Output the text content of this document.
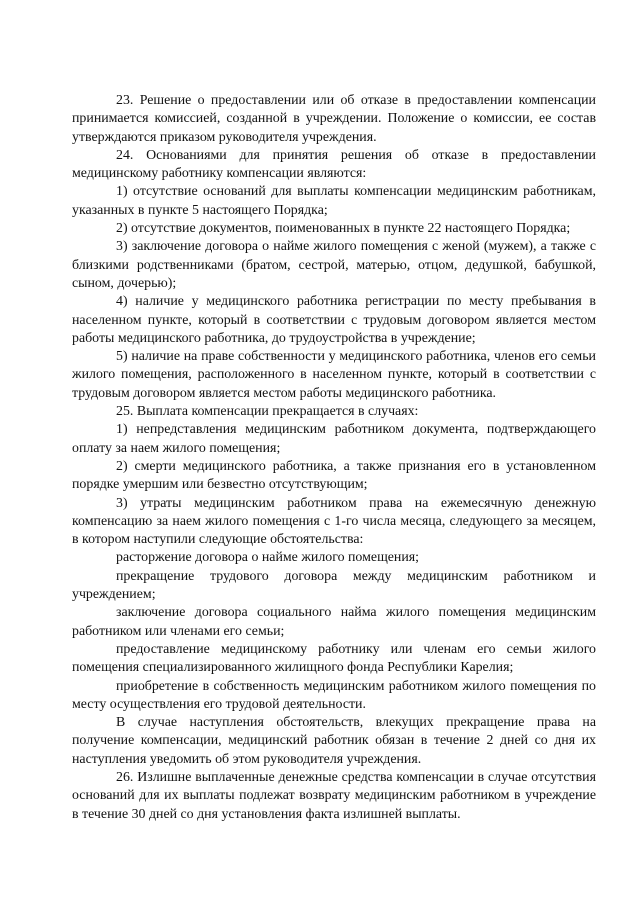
23. Решение о предоставлении или об отказе в предоставлении компенсации принимается комиссией, созданной в учреждении. Положение о комиссии, ее состав утверждаются приказом руководителя учреждения.

24. Основаниями для принятия решения об отказе в предоставлении медицинскому работнику компенсации являются:

1) отсутствие оснований для выплаты компенсации медицинским работникам, указанных в пункте 5 настоящего Порядка;

2) отсутствие документов, поименованных в пункте 22 настоящего Порядка;

3) заключение договора о найме жилого помещения с женой (мужем), а также с близкими родственниками (братом, сестрой, матерью, отцом, дедушкой, бабушкой, сыном, дочерью);

4) наличие у медицинского работника регистрации по месту пребывания в населенном пункте, который в соответствии с трудовым договором является местом работы медицинского работника, до трудоустройства в учреждение;

5) наличие на праве собственности у медицинского работника, членов его семьи жилого помещения, расположенного в населенном пункте, который в соответствии с трудовым договором является местом работы медицинского работника.

25. Выплата компенсации прекращается в случаях:

1) непредставления медицинским работником документа, подтверждающего оплату за наем жилого помещения;

2) смерти медицинского работника, а также признания его в установленном порядке умершим или безвестно отсутствующим;

3) утраты медицинским работником права на ежемесячную денежную компенсацию за наем жилого помещения с 1-го числа месяца, следующего за месяцем, в котором наступили следующие обстоятельства:

расторжение договора о найме жилого помещения;

прекращение трудового договора между медицинским работником и учреждением;

заключение договора социального найма жилого помещения медицинским работником или членами его семьи;

предоставление медицинскому работнику или членам его семьи жилого помещения специализированного жилищного фонда Республики Карелия;

приобретение в собственность медицинским работником жилого помещения по месту осуществления его трудовой деятельности.

В случае наступления обстоятельств, влекущих прекращение права на получение компенсации, медицинский работник обязан в течение 2 дней со дня их наступления уведомить об этом руководителя учреждения.

26. Излишне выплаченные денежные средства компенсации в случае отсутствия оснований для их выплаты подлежат возврату медицинским работником в учреждение в течение 30 дней со дня установления факта излишней выплаты.
